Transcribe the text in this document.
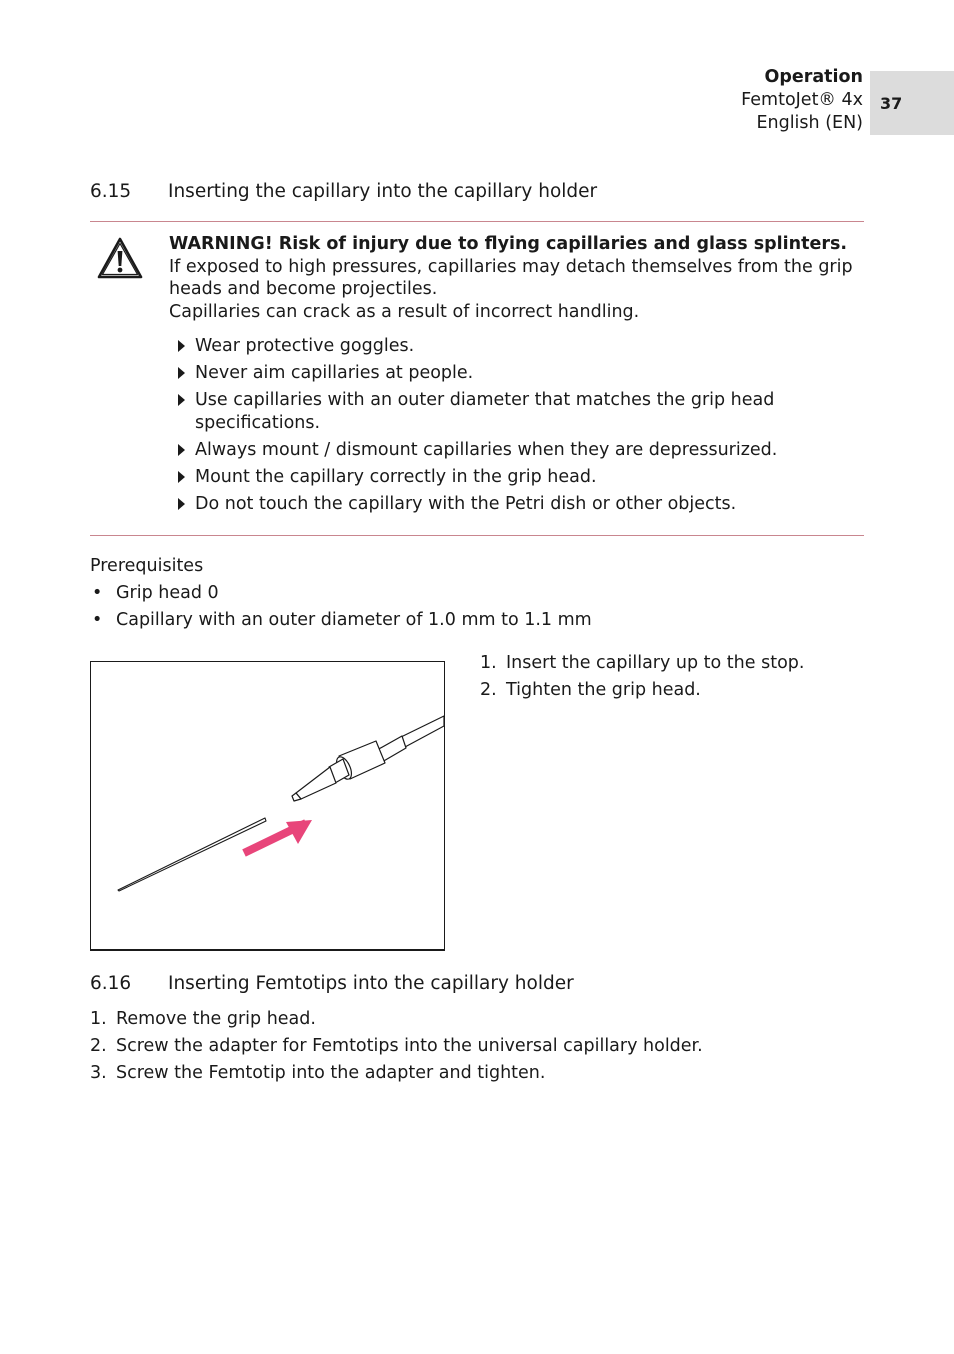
Operation
FemtoJet® 4x
English (EN)
37
6.15 Inserting the capillary into the capillary holder
WARNING! Risk of injury due to flying capillaries and glass splinters.
If exposed to high pressures, capillaries may detach themselves from the grip heads and become projectiles.
Capillaries can crack as a result of incorrect handling.
Wear protective goggles.
Never aim capillaries at people.
Use capillaries with an outer diameter that matches the grip head specifications.
Always mount / dismount capillaries when they are depressurized.
Mount the capillary correctly in the grip head.
Do not touch the capillary with the Petri dish or other objects.
Prerequisites
• Grip head 0
• Capillary with an outer diameter of 1.0 mm to 1.1 mm
1. Insert the capillary up to the stop.
2. Tighten the grip head.
6.16 Inserting Femtotips into the capillary holder
1. Remove the grip head.
2. Screw the adapter for Femtotips into the universal capillary holder.
3. Screw the Femtotip into the adapter and tighten.
